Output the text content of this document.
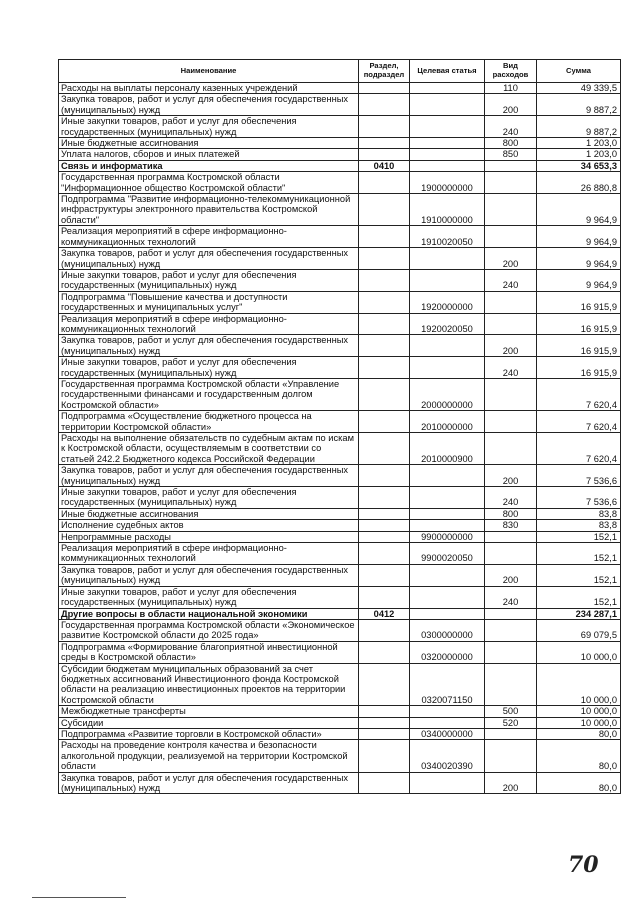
Наименование	Раздел, подраздел	Целевая статья	Вид расходов	Сумма
Расходы на выплаты персоналу казенных учреждений			110	49 339,5
Закупка товаров, работ и услуг для обеспечения государственных (муниципальных) нужд			200	9 887,2
Иные закупки товаров, работ и услуг для обеспечения государственных (муниципальных) нужд			240	9 887,2
Иные бюджетные ассигнования			800	1 203,0
Уплата налогов, сборов и иных платежей			850	1 203,0
Связь и информатика	0410			34 653,3
Государственная программа Костромской области "Информационное общество Костромской области"		1900000000		26 880,8
Подпрограмма "Развитие информационно-телекоммуникационной инфраструктуры электронного правительства Костромской области"		1910000000		9 964,9
Реализация мероприятий в сфере информационно-коммуникационных технологий		1910020050		9 964,9
Закупка товаров, работ и услуг для обеспечения государственных (муниципальных) нужд			200	9 964,9
Иные закупки товаров, работ и услуг для обеспечения государственных (муниципальных) нужд			240	9 964,9
Подпрограмма "Повышение качества и доступности государственных и муниципальных услуг"		1920000000		16 915,9
Реализация мероприятий в сфере информационно-коммуникационных технологий		1920020050		16 915,9
Закупка товаров, работ и услуг для обеспечения государственных (муниципальных) нужд			200	16 915,9
Иные закупки товаров, работ и услуг для обеспечения государственных (муниципальных) нужд			240	16 915,9
Государственная программа Костромской области «Управление государственными финансами и государственным долгом Костромской области»		2000000000		7 620,4
Подпрограмма «Осуществление бюджетного процесса на территории Костромской области»		2010000000		7 620,4
Расходы на выполнение обязательств по судебным актам по искам к Костромской области, осуществляемым в соответствии со статьей 242.2 Бюджетного кодекса Российской Федерации		2010000900		7 620,4
Закупка товаров, работ и услуг для обеспечения государственных (муниципальных) нужд			200	7 536,6
Иные закупки товаров, работ и услуг для обеспечения государственных (муниципальных) нужд			240	7 536,6
Иные бюджетные ассигнования			800	83,8
Исполнение судебных актов			830	83,8
Непрограммные расходы		9900000000		152,1
Реализация мероприятий в сфере информационно-коммуникационных технологий		9900020050		152,1
Закупка товаров, работ и услуг для обеспечения государственных (муниципальных) нужд			200	152,1
Иные закупки товаров, работ и услуг для обеспечения государственных (муниципальных) нужд			240	152,1
Другие вопросы в области национальной экономики	0412			234 287,1
Государственная программа Костромской области «Экономическое развитие Костромской области до 2025 года»		0300000000		69 079,5
Подпрограмма «Формирование благоприятной инвестиционной среды в Костромской области»		0320000000		10 000,0
Субсидии бюджетам муниципальных образований за счет бюджетных ассигнований Инвестиционного фонда Костромской области на реализацию инвестиционных проектов на территории Костромской области		0320071150		10 000,0
Межбюджетные трансферты			500	10 000,0
Субсидии			520	10 000,0
Подпрограмма «Развитие торговли в Костромской области»		0340000000		80,0
Расходы на проведение контроля качества и безопасности алкогольной продукции, реализуемой на территории Костромской области		0340020390		80,0
Закупка товаров, работ и услуг для обеспечения государственных (муниципальных) нужд			200	80,0
70
